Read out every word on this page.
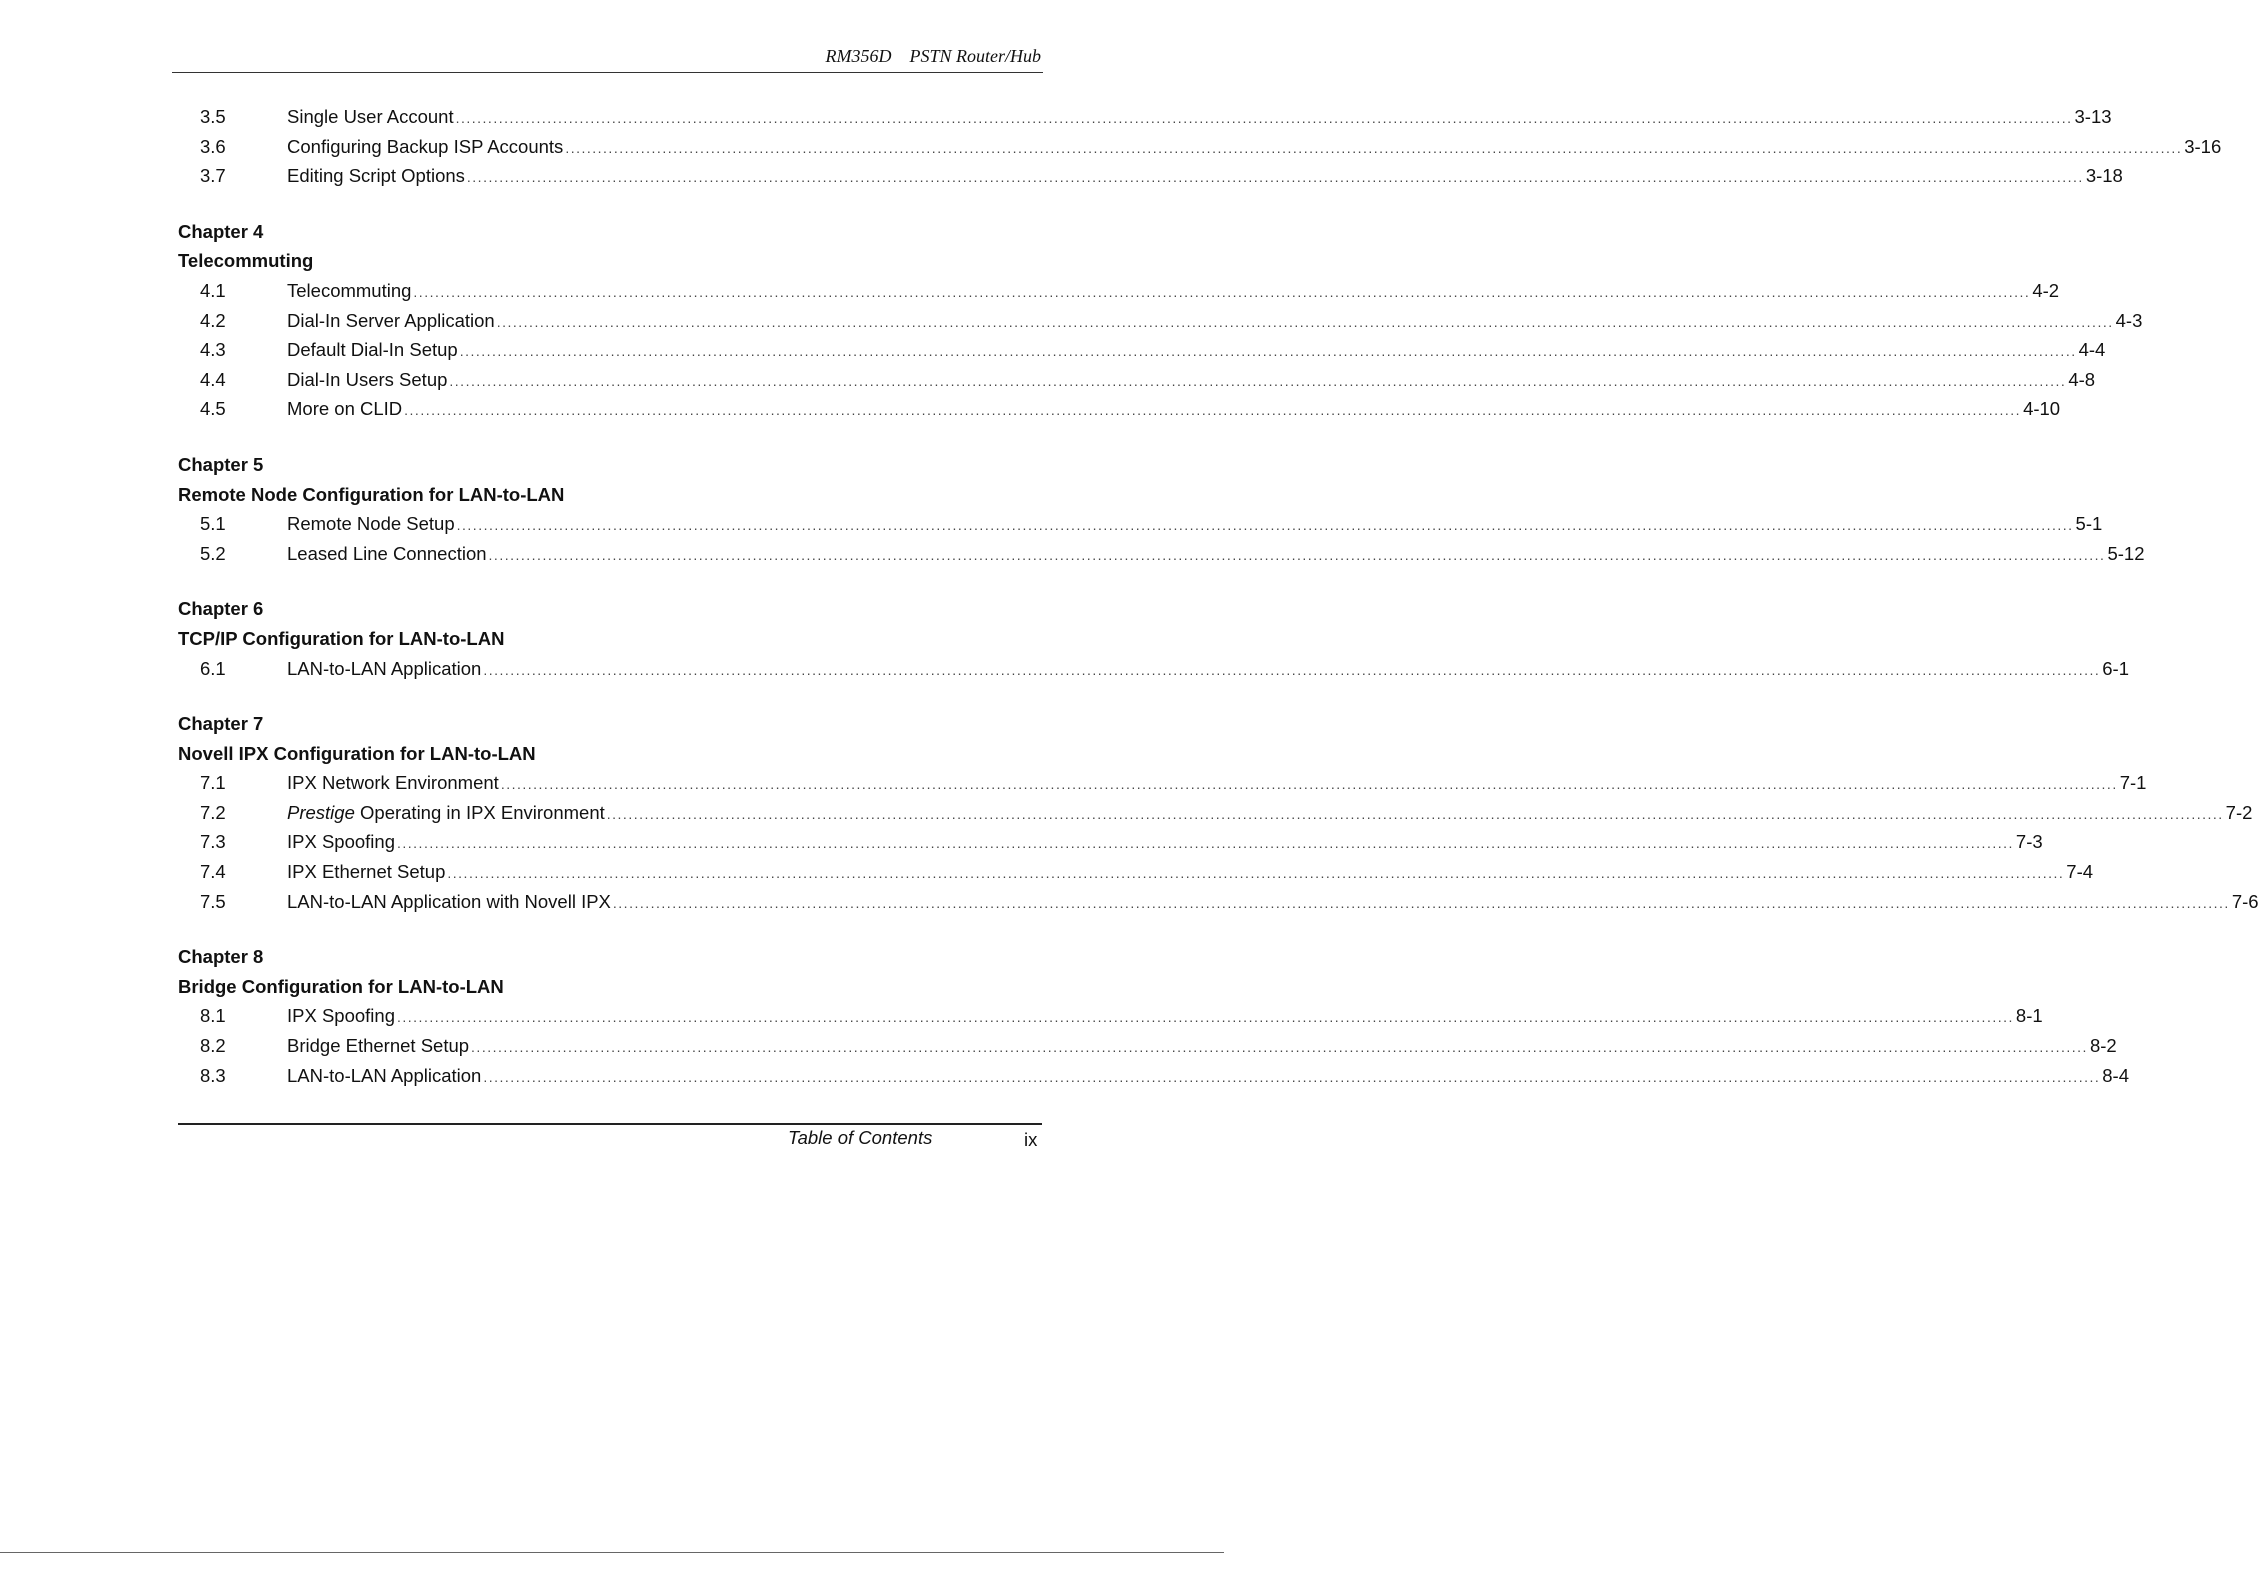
RM356D    PSTN Router/Hub
3.5	Single User Account ............................................................................................................................................................................................................................................................................................................ 3-13
3.6	Configuring Backup ISP Accounts ............................................................................................................................................................................................................................................................................................................ 3-16
3.7	Editing Script Options ............................................................................................................................................................................................................................................................................................................ 3-18
Chapter 4
Telecommuting
4.1	Telecommuting ............................................................................................................................................................................................................................................................................................................ 4-2
4.2	Dial-In Server Application ............................................................................................................................................................................................................................................................................................................ 4-3
4.3	Default Dial-In Setup ............................................................................................................................................................................................................................................................................................................ 4-4
4.4	Dial-In Users Setup ............................................................................................................................................................................................................................................................................................................ 4-8
4.5	More on CLID ............................................................................................................................................................................................................................................................................................................ 4-10
Chapter 5
Remote Node Configuration for LAN-to-LAN
5.1	Remote Node Setup ............................................................................................................................................................................................................................................................................................................ 5-1
5.2	Leased Line Connection ............................................................................................................................................................................................................................................................................................................ 5-12
Chapter 6
TCP/IP Configuration for LAN-to-LAN
6.1	LAN-to-LAN Application ............................................................................................................................................................................................................................................................................................................ 6-1
Chapter 7
Novell IPX Configuration for LAN-to-LAN
7.1	IPX Network Environment ............................................................................................................................................................................................................................................................................................................ 7-1
7.2	Prestige Operating in IPX Environment ............................................................................................................................................................................................................................................................................................................ 7-2
7.3	IPX Spoofing ............................................................................................................................................................................................................................................................................................................ 7-3
7.4	IPX Ethernet Setup ............................................................................................................................................................................................................................................................................................................ 7-4
7.5	LAN-to-LAN Application with Novell IPX ............................................................................................................................................................................................................................................................................................................ 7-6
Chapter 8
Bridge Configuration for LAN-to-LAN
8.1	IPX Spoofing ............................................................................................................................................................................................................................................................................................................ 8-1
8.2	Bridge Ethernet Setup ............................................................................................................................................................................................................................................................................................................ 8-2
8.3	LAN-to-LAN Application ............................................................................................................................................................................................................................................................................................................ 8-4
Table of Contents	ix
